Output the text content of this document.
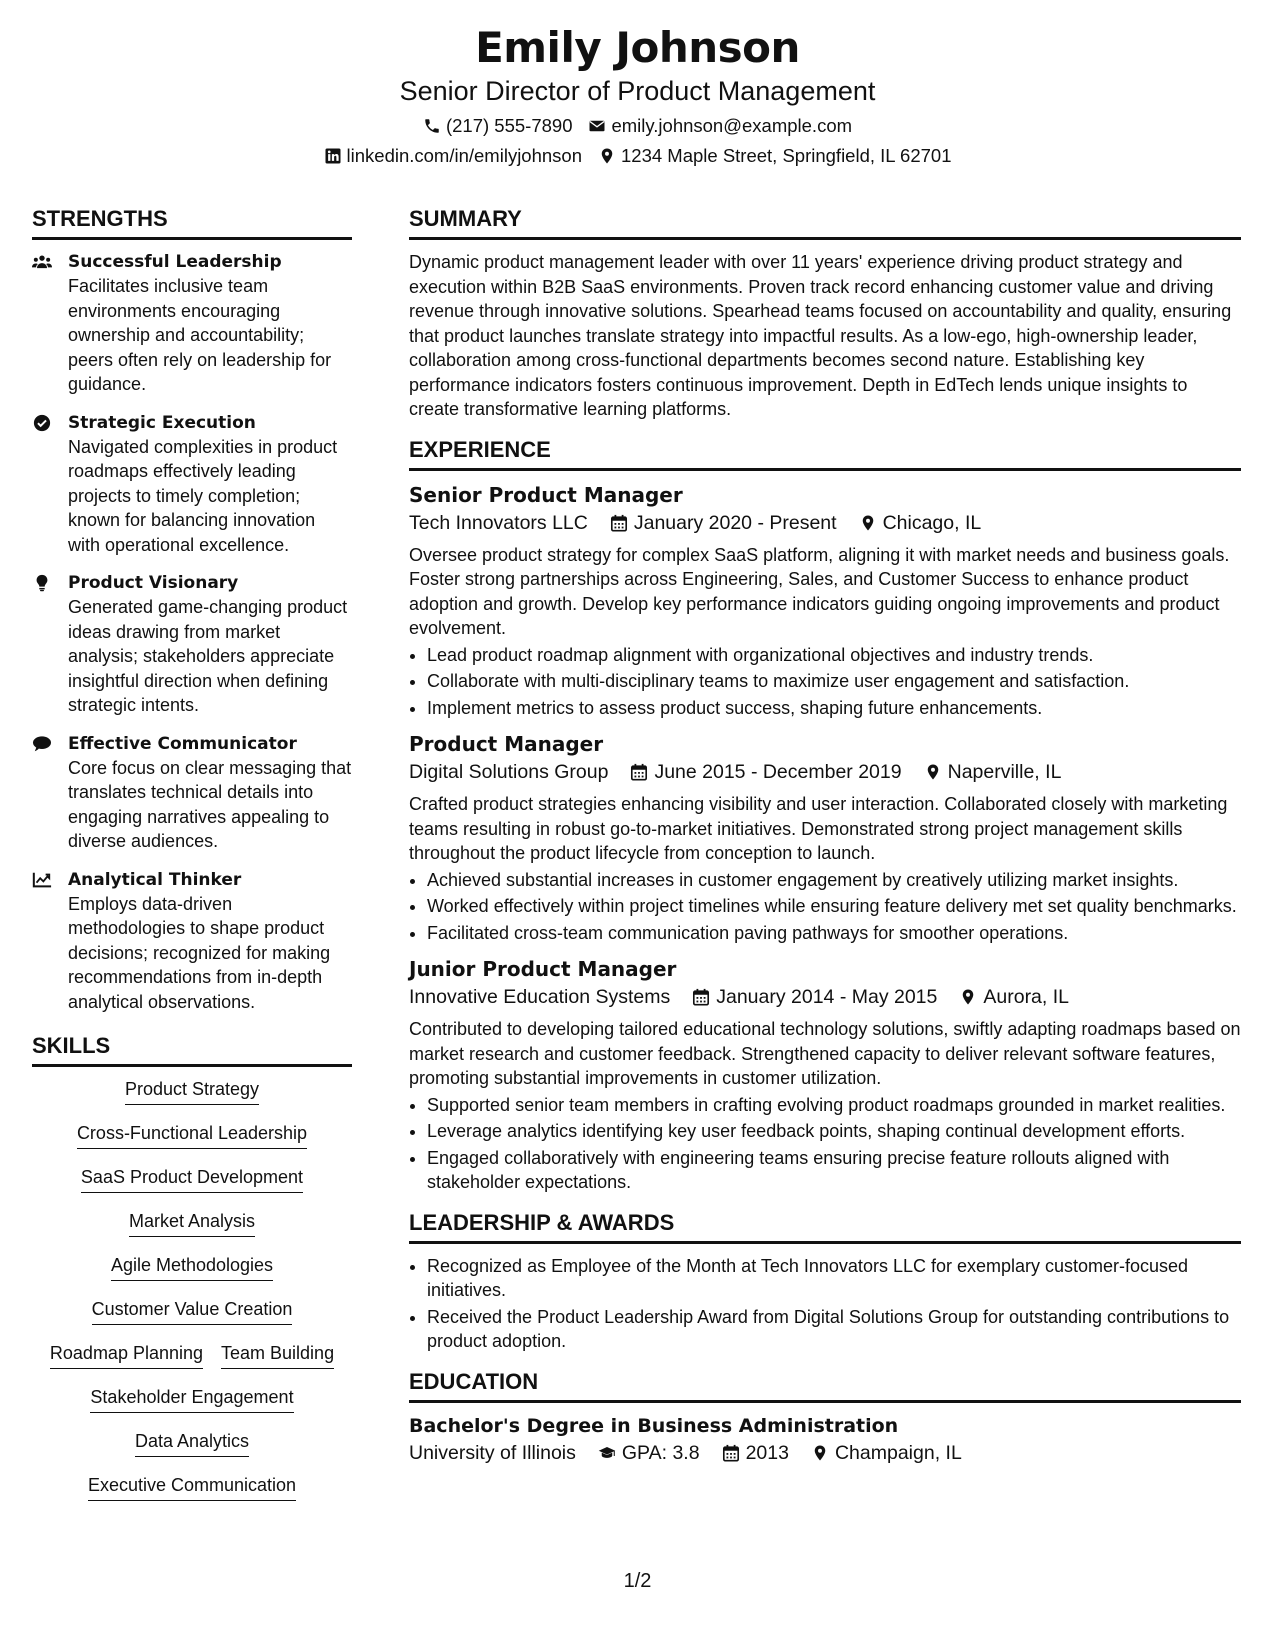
Emily Johnson
Senior Director of Product Management
(217) 555-7890 emily.johnson@example.com
linkedin.com/in/emilyjohnson 1234 Maple Street, Springfield, IL 62701
STRENGTHS
Successful Leadership
Facilitates inclusive team environments encouraging ownership and accountability; peers often rely on leadership for guidance.
Strategic Execution
Navigated complexities in product roadmaps effectively leading projects to timely completion; known for balancing innovation with operational excellence.
Product Visionary
Generated game-changing product ideas drawing from market analysis; stakeholders appreciate insightful direction when defining strategic intents.
Effective Communicator
Core focus on clear messaging that translates technical details into engaging narratives appealing to diverse audiences.
Analytical Thinker
Employs data-driven methodologies to shape product decisions; recognized for making recommendations from in-depth analytical observations.
SKILLS
Product Strategy
Cross-Functional Leadership
SaaS Product Development
Market Analysis
Agile Methodologies
Customer Value Creation
Roadmap Planning Team Building
Stakeholder Engagement
Data Analytics
Executive Communication
SUMMARY
Dynamic product management leader with over 11 years' experience driving product strategy and execution within B2B SaaS environments. Proven track record enhancing customer value and driving revenue through innovative solutions. Spearhead teams focused on accountability and quality, ensuring that product launches translate strategy into impactful results. As a low-ego, high-ownership leader, collaboration among cross-functional departments becomes second nature. Establishing key performance indicators fosters continuous improvement. Depth in EdTech lends unique insights to create transformative learning platforms.
EXPERIENCE
Senior Product Manager
Tech Innovators LLC January 2020 - Present Chicago, IL
Oversee product strategy for complex SaaS platform, aligning it with market needs and business goals. Foster strong partnerships across Engineering, Sales, and Customer Success to enhance product adoption and growth. Develop key performance indicators guiding ongoing improvements and product evolvement.
• Lead product roadmap alignment with organizational objectives and industry trends.
• Collaborate with multi-disciplinary teams to maximize user engagement and satisfaction.
• Implement metrics to assess product success, shaping future enhancements.
Product Manager
Digital Solutions Group June 2015 - December 2019 Naperville, IL
Crafted product strategies enhancing visibility and user interaction. Collaborated closely with marketing teams resulting in robust go-to-market initiatives. Demonstrated strong project management skills throughout the product lifecycle from conception to launch.
• Achieved substantial increases in customer engagement by creatively utilizing market insights.
• Worked effectively within project timelines while ensuring feature delivery met set quality benchmarks.
• Facilitated cross-team communication paving pathways for smoother operations.
Junior Product Manager
Innovative Education Systems January 2014 - May 2015 Aurora, IL
Contributed to developing tailored educational technology solutions, swiftly adapting roadmaps based on market research and customer feedback. Strengthened capacity to deliver relevant software features, promoting substantial improvements in customer utilization.
• Supported senior team members in crafting evolving product roadmaps grounded in market realities.
• Leverage analytics identifying key user feedback points, shaping continual development efforts.
• Engaged collaboratively with engineering teams ensuring precise feature rollouts aligned with stakeholder expectations.
LEADERSHIP & AWARDS
• Recognized as Employee of the Month at Tech Innovators LLC for exemplary customer-focused initiatives.
• Received the Product Leadership Award from Digital Solutions Group for outstanding contributions to product adoption.
EDUCATION
Bachelor's Degree in Business Administration
University of Illinois GPA: 3.8 2013 Champaign, IL
1/2
